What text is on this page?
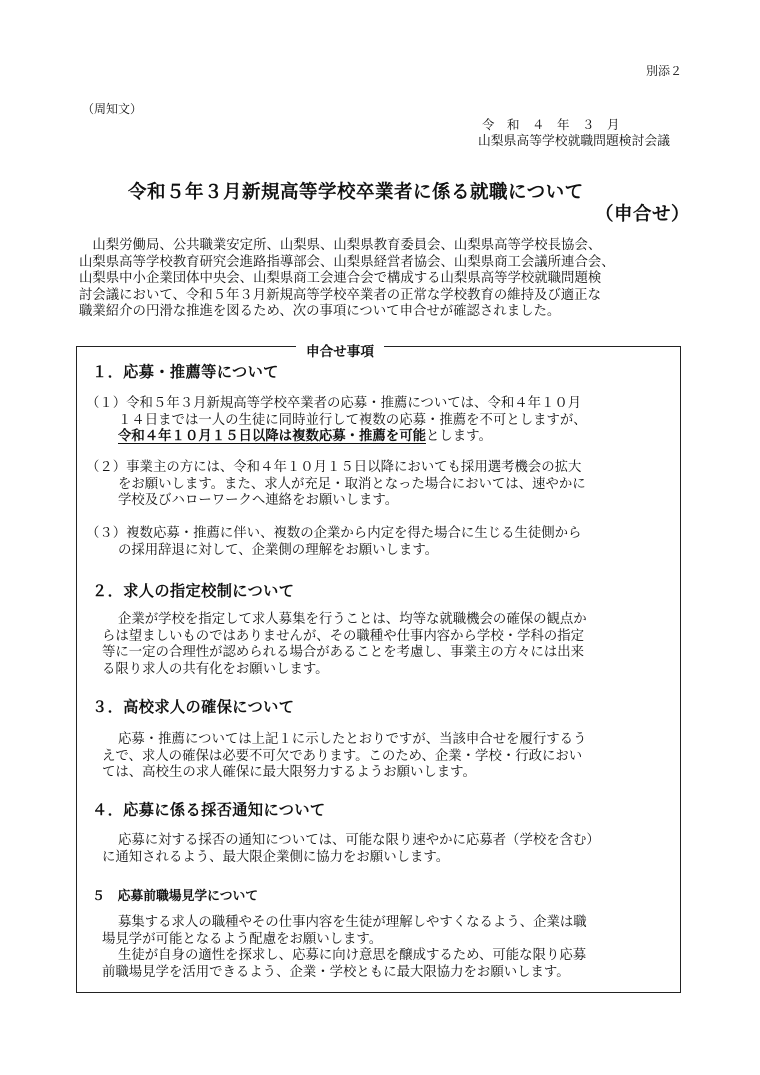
別添２
（周知文）
令　和　４　年　３　月
山梨県高等学校就職問題検討会議
令和５年３月新規高等学校卒業者に係る就職について
（申合せ）
　山梨労働局、公共職業安定所、山梨県、山梨県教育委員会、山梨県高等学校長協会、
山梨県高等学校教育研究会進路指導部会、山梨県経営者協会、山梨県商工会議所連合会、
山梨県中小企業団体中央会、山梨県商工会連合会で構成する山梨県高等学校就職問題検
討会議において、令和５年３月新規高等学校卒業者の正常な学校教育の維持及び適正な
職業紹介の円滑な推進を図るため、次の事項について申合せが確認されました。
申合せ事項
１．応募・推薦等について
（１）令和５年３月新規高等学校卒業者の応募・推薦については、令和４年１０月
１４日までは一人の生徒に同時並行して複数の応募・推薦を不可としますが、
令和４年１０月１５日以降は複数応募・推薦を可能とします。
（２）事業主の方には、令和４年１０月１５日以降においても採用選考機会の拡大
をお願いします。また、求人が充足・取消となった場合においては、速やかに
学校及びハローワークへ連絡をお願いします。
（３）複数応募・推薦に伴い、複数の企業から内定を得た場合に生じる生徒側から
の採用辞退に対して、企業側の理解をお願いします。
２．求人の指定校制について
企業が学校を指定して求人募集を行うことは、均等な就職機会の確保の観点か
らは望ましいものではありませんが、その職種や仕事内容から学校・学科の指定
等に一定の合理性が認められる場合があることを考慮し、事業主の方々には出来
る限り求人の共有化をお願いします。
３．高校求人の確保について
応募・推薦については上記１に示したとおりですが、当該申合せを履行するう
えで、求人の確保は必要不可欠であります。このため、企業・学校・行政におい
ては、高校生の求人確保に最大限努力するようお願いします。
４．応募に係る採否通知について
応募に対する採否の通知については、可能な限り速やかに応募者（学校を含む）
に通知されるよう、最大限企業側に協力をお願いします。
５　応募前職場見学について
募集する求人の職種やその仕事内容を生徒が理解しやすくなるよう、企業は職
場見学が可能となるよう配慮をお願いします。
生徒が自身の適性を探求し、応募に向け意思を醸成するため、可能な限り応募
前職場見学を活用できるよう、企業・学校ともに最大限協力をお願いします。
